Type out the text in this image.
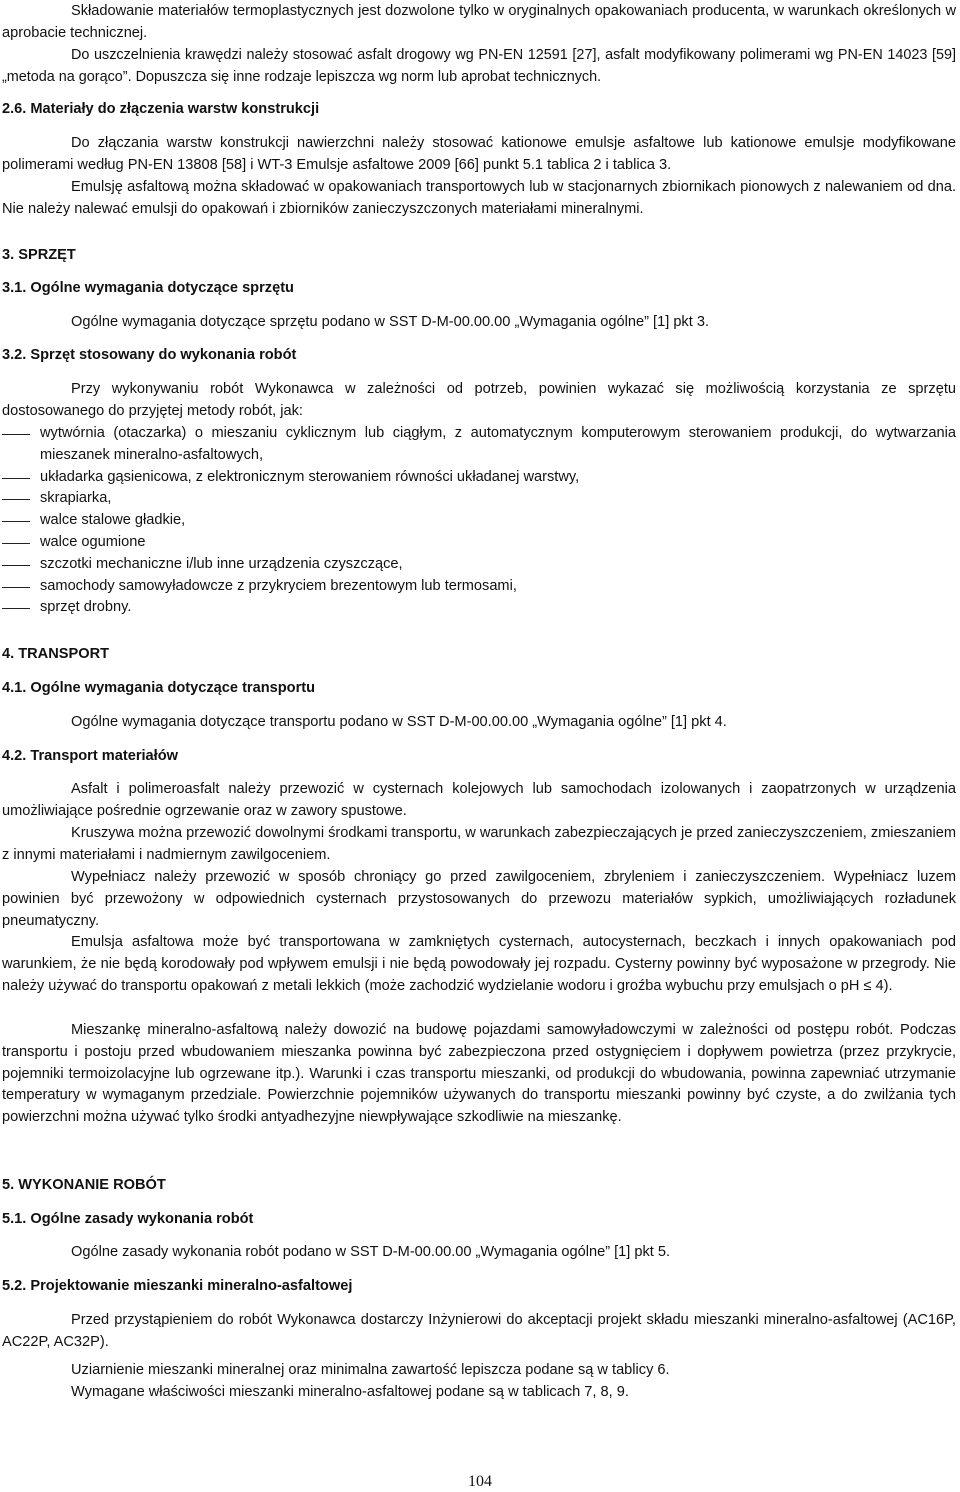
Składowanie materiałów termoplastycznych jest dozwolone tylko w oryginalnych opakowaniach producenta, w warunkach określonych w aprobacie technicznej.
Do uszczelnienia krawędzi należy stosować asfalt drogowy wg PN-EN 12591 [27], asfalt modyfikowany polimerami wg PN-EN 14023 [59] „metoda na gorąco”. Dopuszcza się inne rodzaje lepiszcza wg norm lub aprobat technicznych.
2.6. Materiały do złączenia warstw konstrukcji
Do złączania warstw konstrukcji nawierzchni należy stosować kationowe emulsje asfaltowe lub kationowe emulsje modyfikowane polimerami według PN-EN 13808 [58] i WT-3 Emulsje asfaltowe 2009 [66] punkt 5.1 tablica 2 i tablica 3.
Emulsję asfaltową można składować w opakowaniach transportowych lub w stacjonarnych zbiornikach pionowych z nalewaniem od dna. Nie należy nalewać emulsji do opakowań i zbiorników zanieczyszczonych materiałami mineralnymi.
3. SPRZĘT
3.1. Ogólne wymagania dotyczące sprzętu
Ogólne wymagania dotyczące sprzętu podano w SST D-M-00.00.00 „Wymagania ogólne” [1] pkt 3.
3.2. Sprzęt stosowany do wykonania robót
Przy wykonywaniu robót Wykonawca w zależności od potrzeb, powinien wykazać się możliwością korzystania ze sprzętu dostosowanego do przyjętej metody robót, jak:
wytwórnia (otaczarka) o mieszaniu cyklicznym lub ciągłym, z automatycznym komputerowym sterowaniem produkcji, do wytwarzania mieszanek mineralno-asfaltowych,
układarka gąsienicowa, z elektronicznym sterowaniem równości układanej warstwy,
skrapiarka,
walce stalowe gładkie,
walce ogumione
szczotki mechaniczne i/lub inne urządzenia czyszczące,
samochody samowyładowcze z przykryciem brezentowym lub termosami,
sprzęt drobny.
4. TRANSPORT
4.1. Ogólne wymagania dotyczące transportu
Ogólne wymagania dotyczące transportu podano w SST D-M-00.00.00 „Wymagania ogólne” [1] pkt 4.
4.2. Transport materiałów
Asfalt i polimeroasfalt należy przewozić w cysternach kolejowych lub samochodach izolowanych i zaopatrzonych w urządzenia umożliwiające pośrednie ogrzewanie oraz w zawory spustowe.
Kruszywa można przewozić dowolnymi środkami transportu, w warunkach zabezpieczających je przed zanieczyszczeniem, zmieszaniem z innymi materiałami i nadmiernym zawilgoceniem.
Wypełniacz należy przewozić w sposób chroniący go przed zawilgoceniem, zbryleniem i zanieczyszczeniem. Wypełniacz luzem powinien być przewożony w odpowiednich cysternach przystosowanych do przewozu materiałów sypkich, umożliwiających rozładunek pneumatyczny.
Emulsja asfaltowa może być transportowana w zamkniętych cysternach, autocysternach, beczkach i innych opakowaniach pod warunkiem, że nie będą korodowały pod wpływem emulsji i nie będą powodowały jej rozpadu. Cysterny powinny być wyposażone w przegrody. Nie należy używać do transportu opakowań z metali lekkich (może zachodzić wydzielanie wodoru i groźba wybuchu przy emulsjach o pH ≤ 4).
Mieszankę mineralno-asfaltową należy dowozić na budowę pojazdami samowyładowczymi w zależności od postępu robót. Podczas transportu i postoju przed wbudowaniem mieszanka powinna być zabezpieczona przed ostygnięciem i dopływem powietrza (przez przykrycie, pojemniki termoizolacyjne lub ogrzewane itp.). Warunki i czas transportu mieszanki, od produkcji do wbudowania, powinna zapewniać utrzymanie temperatury w wymaganym przedziale. Powierzchnie pojemników używanych do transportu mieszanki powinny być czyste, a do zwilżania tych powierzchni można używać tylko środki antyadhezyjne niewpływające szkodliwie na mieszankę.
5. WYKONANIE ROBÓT
5.1. Ogólne zasady wykonania robót
Ogólne zasady wykonania robót podano w SST D-M-00.00.00 „Wymagania ogólne” [1] pkt 5.
5.2. Projektowanie mieszanki mineralno-asfaltowej
Przed przystąpieniem do robót Wykonawca dostarczy Inżynierowi do akceptacji projekt składu mieszanki mineralno-asfaltowej (AC16P, AC22P, AC32P).
Uziarnienie mieszanki mineralnej oraz minimalna zawartość lepiszcza podane są w tablicy 6.
Wymagane właściwości mieszanki mineralno-asfaltowej podane są w tablicach 7, 8, 9.
104
